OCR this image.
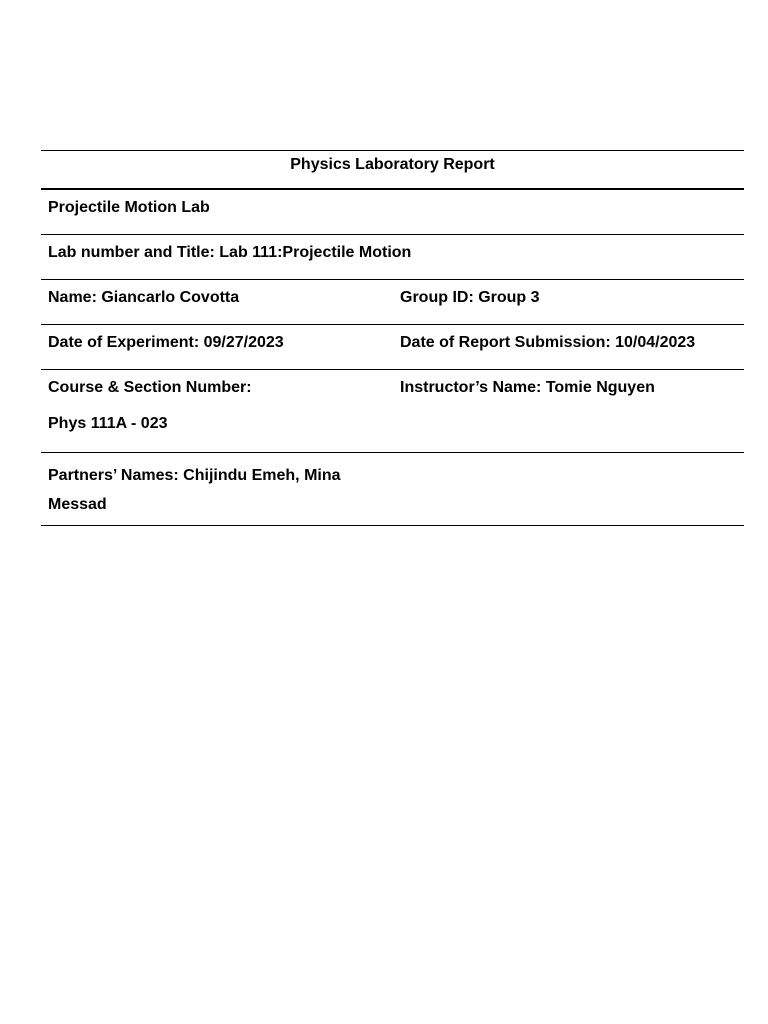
Physics Laboratory Report
Projectile Motion Lab
Lab number and Title: Lab 111:Projectile Motion
Name: Giancarlo Covotta	Group ID: Group 3
Date of Experiment: 09/27/2023	Date of Report Submission: 10/04/2023
Course & Section Number:
Phys 111A - 023
Instructor’s Name: Tomie Nguyen
Partners’ Names: Chijindu Emeh, Mina Messad
